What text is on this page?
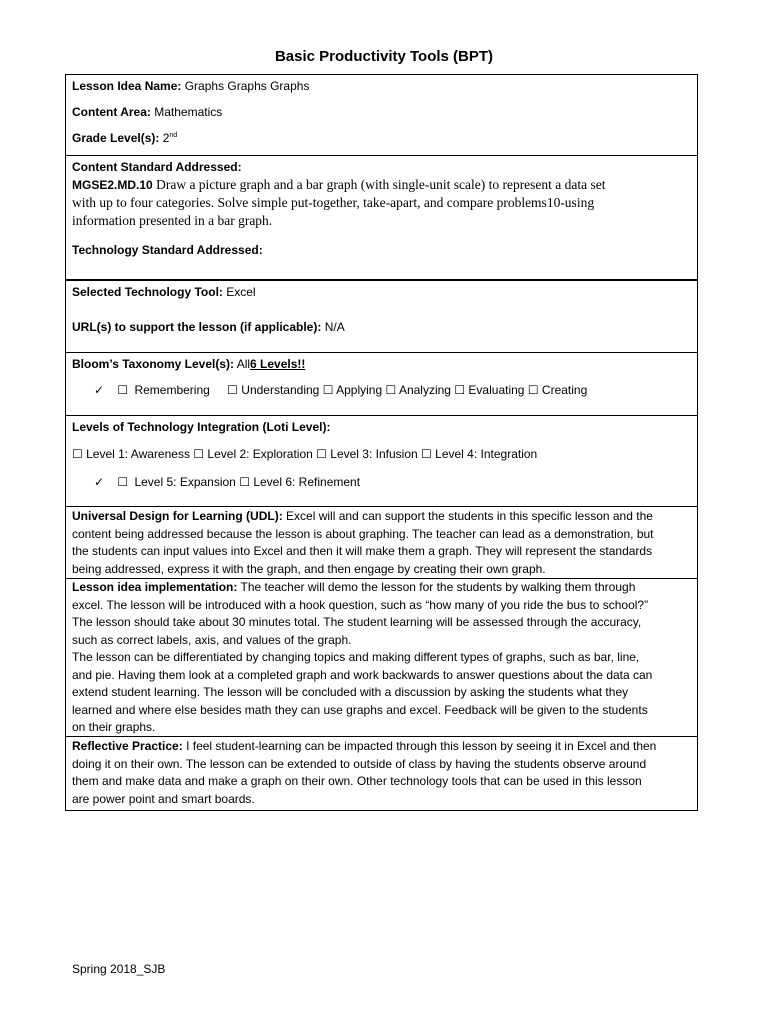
Basic Productivity Tools (BPT)
Lesson Idea Name: Graphs Graphs Graphs
Content Area: Mathematics
Grade Level(s): 2nd
Content Standard Addressed:
MGSE2.MD.10 Draw a picture graph and a bar graph (with single-unit scale) to represent a data set
with up to four categories. Solve simple put-together, take-apart, and compare problems10-using
information presented in a bar graph.
Technology Standard Addressed:
Selected Technology Tool: Excel
URL(s) to support the lesson (if applicable): N/A
Bloom’s Taxonomy Level(s): All6 Levels!!
✓ ☐ Remembering ☐ Understanding ☐ Applying ☐ Analyzing ☐ Evaluating ☐ Creating
Levels of Technology Integration (Loti Level):
☐ Level 1: Awareness ☐ Level 2: Exploration ☐ Level 3: Infusion ☐ Level 4: Integration
✓ ☐ Level 5: Expansion ☐ Level 6: Refinement
Universal Design for Learning (UDL): Excel will and can support the students in this specific lesson and the
content being addressed because the lesson is about graphing. The teacher can lead as a demonstration, but
the students can input values into Excel and then it will make them a graph. They will represent the standards
being addressed, express it with the graph, and then engage by creating their own graph.
Lesson idea implementation: The teacher will demo the lesson for the students by walking them through
excel. The lesson will be introduced with a hook question, such as “how many of you ride the bus to school?”
The lesson should take about 30 minutes total. The student learning will be assessed through the accuracy,
such as correct labels, axis, and values of the graph.
The lesson can be differentiated by changing topics and making different types of graphs, such as bar, line,
and pie. Having them look at a completed graph and work backwards to answer questions about the data can
extend student learning. The lesson will be concluded with a discussion by asking the students what they
learned and where else besides math they can use graphs and excel. Feedback will be given to the students
on their graphs.
Reflective Practice: I feel student-learning can be impacted through this lesson by seeing it in Excel and then
doing it on their own. The lesson can be extended to outside of class by having the students observe around
them and make data and make a graph on their own. Other technology tools that can be used in this lesson
are power point and smart boards.
Spring 2018_SJB
